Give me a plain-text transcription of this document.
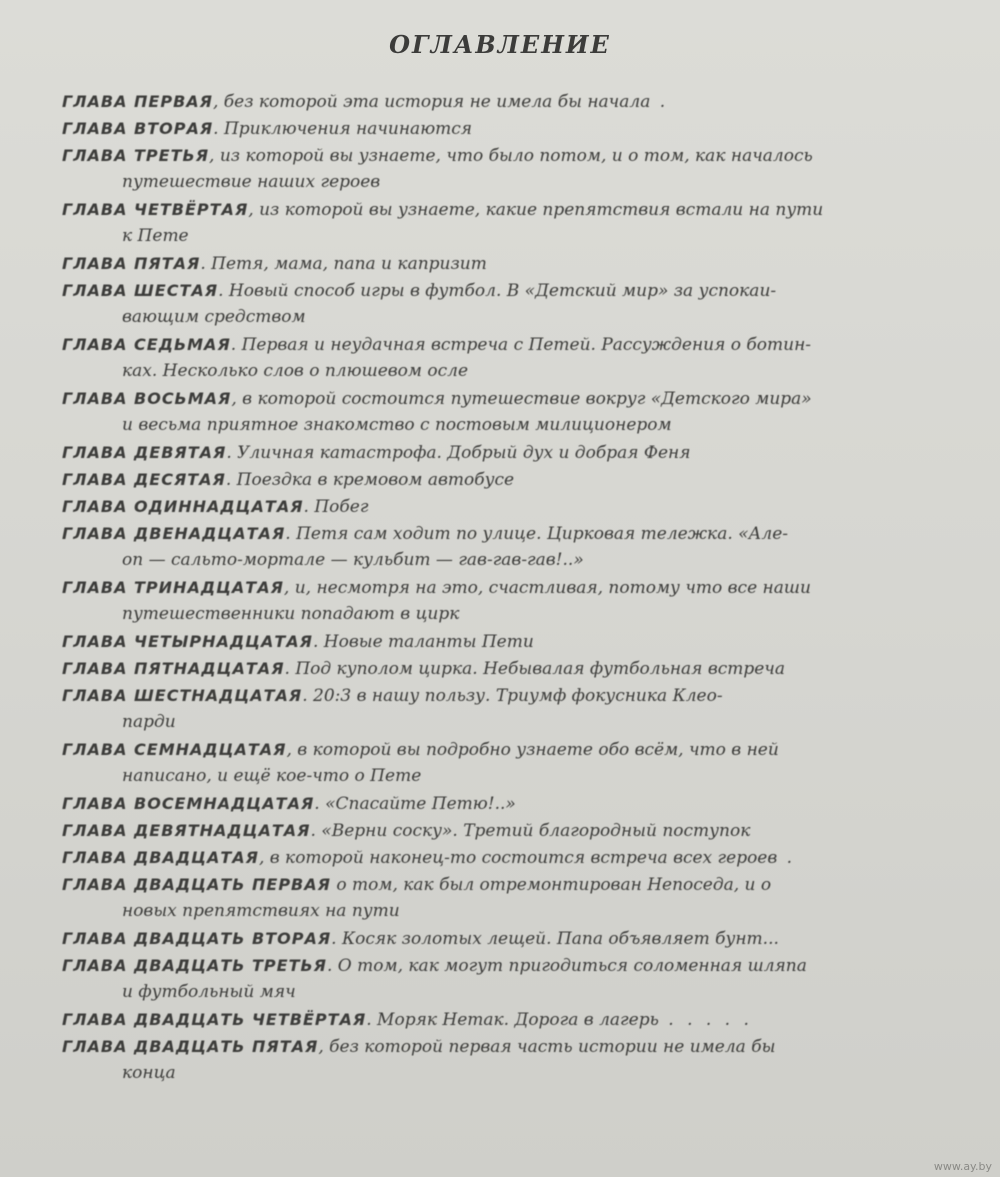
ОГЛАВЛЕНИЕ
ГЛАВА ПЕРВАЯ, без которой эта история не имела бы начала .
ГЛАВА ВТОРАЯ. Приключения начинаются
ГЛАВА ТРЕТЬЯ, из которой вы узнаете, что было потом, и о том, как началось
путешествие наших героев
ГЛАВА ЧЕТВЁРТАЯ, из которой вы узнаете, какие препятствия встали на пути
к Пете
ГЛАВА ПЯТАЯ. Петя, мама, папа и капризит
ГЛАВА ШЕСТАЯ. Новый способ игры в футбол. В «Детский мир» за успокаи-
вающим средством
ГЛАВА СЕДЬМАЯ. Первая и неудачная встреча с Петей. Рассуждения о ботин-
ках. Несколько слов о плюшевом осле
ГЛАВА ВОСЬМАЯ, в которой состоится путешествие вокруг «Детского мира»
и весьма приятное знакомство с постовым милиционером
ГЛАВА ДЕВЯТАЯ. Уличная катастрофа. Добрый дух и добрая Феня
ГЛАВА ДЕСЯТАЯ. Поездка в кремовом автобусе
ГЛАВА ОДИННАДЦАТАЯ. Побег
ГЛАВА ДВЕНАДЦАТАЯ. Петя сам ходит по улице. Цирковая тележка. «Але-
оп — сальто-мортале — кульбит — гав-гав-гав!..»
ГЛАВА ТРИНАДЦАТАЯ, и, несмотря на это, счастливая, потому что все наши
путешественники попадают в цирк
ГЛАВА ЧЕТЫРНАДЦАТАЯ. Новые таланты Пети
ГЛАВА ПЯТНАДЦАТАЯ. Под куполом цирка. Небывалая футбольная встреча
ГЛАВА ШЕСТНАДЦАТАЯ. 20:3 в нашу пользу. Триумф фокусника Клео-
парди
ГЛАВА СЕМНАДЦАТАЯ, в которой вы подробно узнаете обо всём, что в ней
написано, и ещё кое-что о Пете
ГЛАВА ВОСЕМНАДЦАТАЯ. «Спасайте Петю!..»
ГЛАВА ДЕВЯТНАДЦАТАЯ. «Верни соску». Третий благородный поступок
ГЛАВА ДВАДЦАТАЯ, в которой наконец-то состоится встреча всех героев .
ГЛАВА ДВАДЦАТЬ ПЕРВАЯ о том, как был отремонтирован Непоседа, и о
новых препятствиях на пути
ГЛАВА ДВАДЦАТЬ ВТОРАЯ. Косяк золотых лещей. Папа объявляет бунт...
ГЛАВА ДВАДЦАТЬ ТРЕТЬЯ. О том, как могут пригодиться соломенная шляпа
и футбольный мяч
ГЛАВА ДВАДЦАТЬ ЧЕТВЁРТАЯ. Моряк Нетак. Дорога в лагерь . . . . .
ГЛАВА ДВАДЦАТЬ ПЯТАЯ, без которой первая часть истории не имела бы
конца
www.ay.by
